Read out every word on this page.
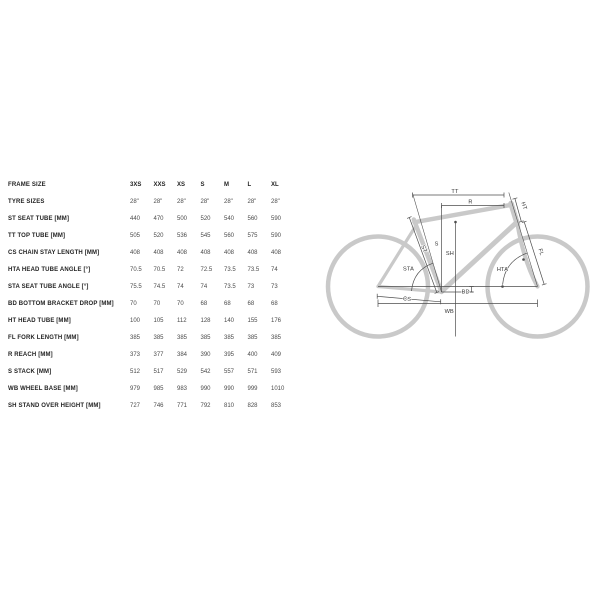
FRAME SIZE	3XS	XXS	XS	S	M	L	XL
TYRE SIZES	28"	28"	28"	28"	28"	28"	28"
ST SEAT TUBE [MM]	440	470	500	520	540	560	590
TT TOP TUBE [MM]	505	520	536	545	560	575	590
CS CHAIN STAY LENGTH [MM]	408	408	408	408	408	408	408
HTA HEAD TUBE ANGLE [°]	70.5	70.5	72	72.5	73.5	73.5	74
STA SEAT TUBE ANGLE [°]	75.5	74.5	74	74	73.5	73	73
BD BOTTOM BRACKET DROP [MM]	70	70	70	68	68	68	68
HT HEAD TUBE [MM]	100	105	112	128	140	155	176
FL FORK LENGTH [MM]	385	385	385	385	385	385	385
R REACH [MM]	373	377	384	390	395	400	409
S STACK [MM]	512	517	529	542	557	571	593
WB WHEEL BASE [MM]	979	985	983	990	990	999	1010
SH STAND OVER HEIGHT [MM]	727	746	771	792	810	828	853
TT
R
S
SH
ST
STA	HTA
BD
CS
WB
HT
FL
